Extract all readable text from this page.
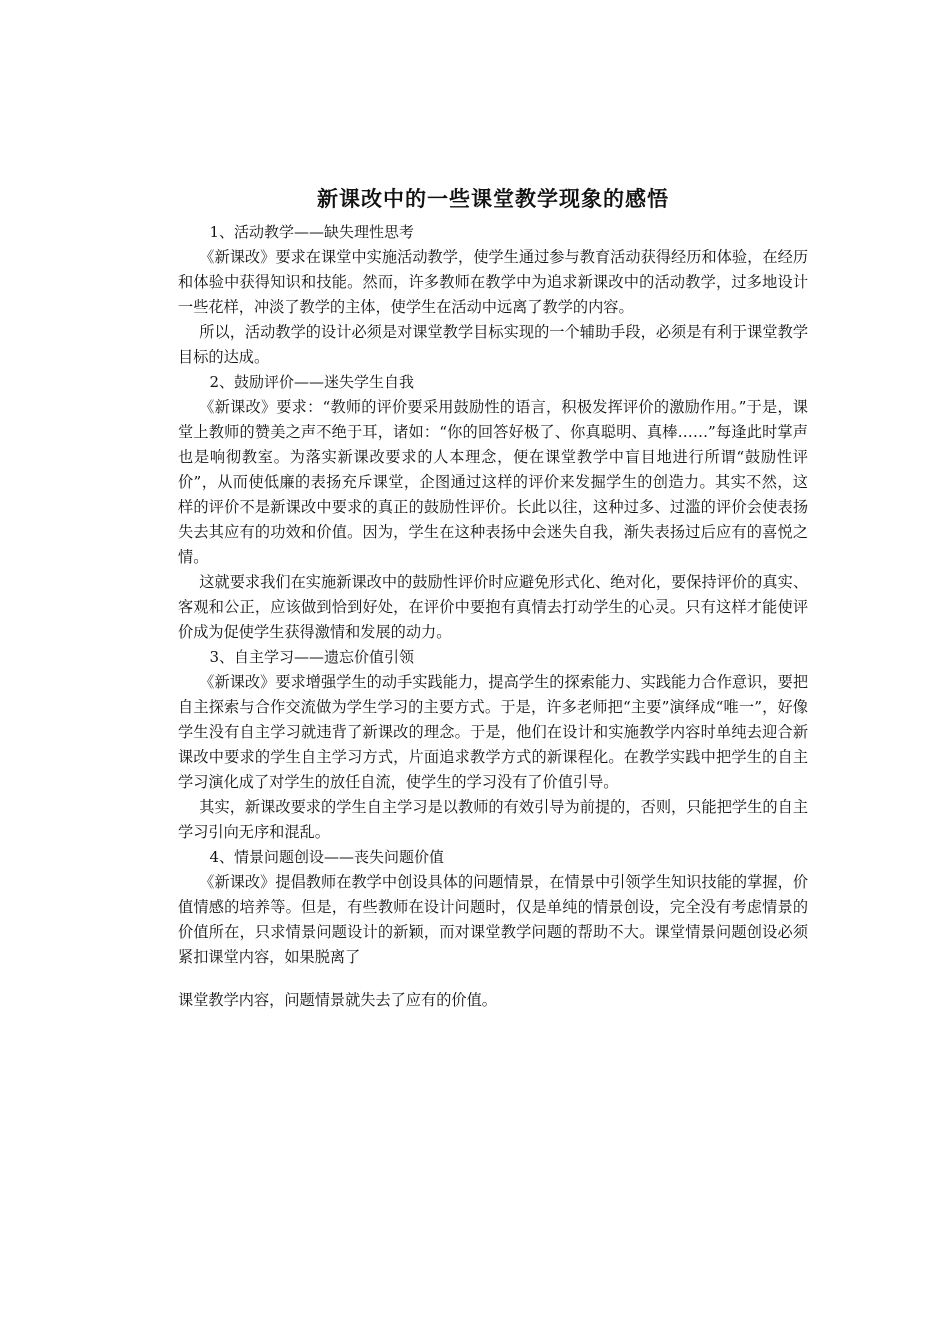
新课改中的一些课堂教学现象的感悟

1、活动教学——缺失理性思考

《新课改》要求在课堂中实施活动教学，使学生通过参与教育活动获得经历和体验，在经历和体验中获得知识和技能。然而，许多教师在教学中为追求新课改中的活动教学，过多地设计一些花样，冲淡了教学的主体，使学生在活动中远离了教学的内容。

所以，活动教学的设计必须是对课堂教学目标实现的一个辅助手段，必须是有利于课堂教学目标的达成。

2、鼓励评价——迷失学生自我

《新课改》要求：“教师的评价要采用鼓励性的语言，积极发挥评价的激励作用。”于是，课堂上教师的赞美之声不绝于耳，诸如：“你的回答好极了、你真聪明、真棒……”每逢此时掌声也是响彻教室。为落实新课改要求的人本理念，便在课堂教学中盲目地进行所谓“鼓励性评价”，从而使低廉的表扬充斥课堂，企图通过这样的评价来发掘学生的创造力。其实不然，这样的评价不是新课改中要求的真正的鼓励性评价。长此以往，这种过多、过滥的评价会使表扬失去其应有的功效和价值。因为，学生在这种表扬中会迷失自我，渐失表扬过后应有的喜悦之情。

这就要求我们在实施新课改中的鼓励性评价时应避免形式化、绝对化，要保持评价的真实、客观和公正，应该做到恰到好处，在评价中要抱有真情去打动学生的心灵。只有这样才能使评价成为促使学生获得激情和发展的动力。

3、自主学习——遗忘价值引领

《新课改》要求增强学生的动手实践能力，提高学生的探索能力、实践能力合作意识，要把自主探索与合作交流做为学生学习的主要方式。于是，许多老师把“主要”演绎成“唯一”，好像学生没有自主学习就违背了新课改的理念。于是，他们在设计和实施教学内容时单纯去迎合新课改中要求的学生自主学习方式，片面追求教学方式的新课程化。在教学实践中把学生的自主学习演化成了对学生的放任自流，使学生的学习没有了价值引导。

其实，新课改要求的学生自主学习是以教师的有效引导为前提的，否则，只能把学生的自主学习引向无序和混乱。

4、情景问题创设——丧失问题价值

《新课改》提倡教师在教学中创设具体的问题情景，在情景中引领学生知识技能的掌握，价值情感的培养等。但是，有些教师在设计问题时，仅是单纯的情景创设，完全没有考虑情景的价值所在，只求情景问题设计的新颖，而对课堂教学问题的帮助不大。课堂情景问题创设必须紧扣课堂内容，如果脱离了

课堂教学内容，问题情景就失去了应有的价值。
